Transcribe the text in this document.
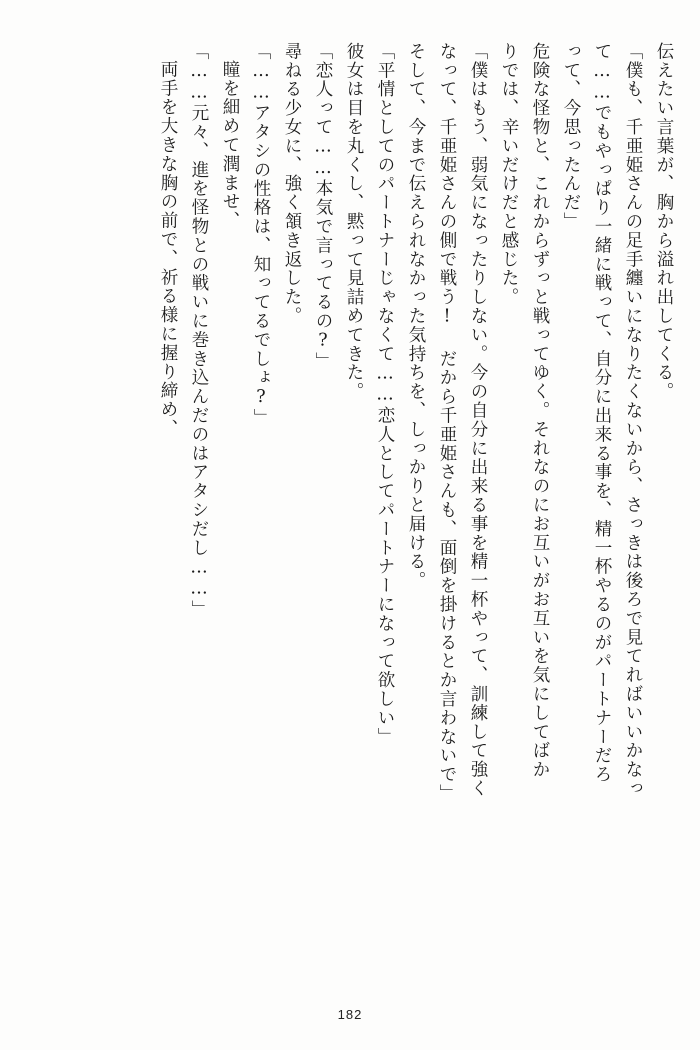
伝えたい言葉が、胸から溢れ出してくる。
「僕も、千亜姫さんの足手纏いになりたくないから、さっきは後ろで見てればいいかなっ
て……でもやっぱり一緒に戦って、自分に出来る事を、精一杯やるのがパートナーだろ
って、今思ったんだ」
危険な怪物と、これからずっと戦ってゆく。それなのにお互いがお互いを気にしてばか
りでは、辛いだけだと感じた。
「僕はもう、弱気になったりしない。今の自分に出来る事を精一杯やって、訓練して強く
なって、千亜姫さんの側で戦う! だから千亜姫さんも、面倒を掛けるとか言わないで」
そして、今まで伝えられなかった気持ちを、しっかりと届ける。
「平情としてのパートナーじゃなくて……恋人としてパートナーになって欲しい」
彼女は目を丸くし、黙って見詰めてきた。
「恋人って……本気で言ってるの?」
尋ねる少女に、強く頷き返した。
「……アタシの性格は、知ってるでしょ?」
瞳を細めて潤ませ、
「……元々、進を怪物との戦いに巻き込んだのはアタシだし……」
両手を大きな胸の前で、祈る様に握り締め、
182
